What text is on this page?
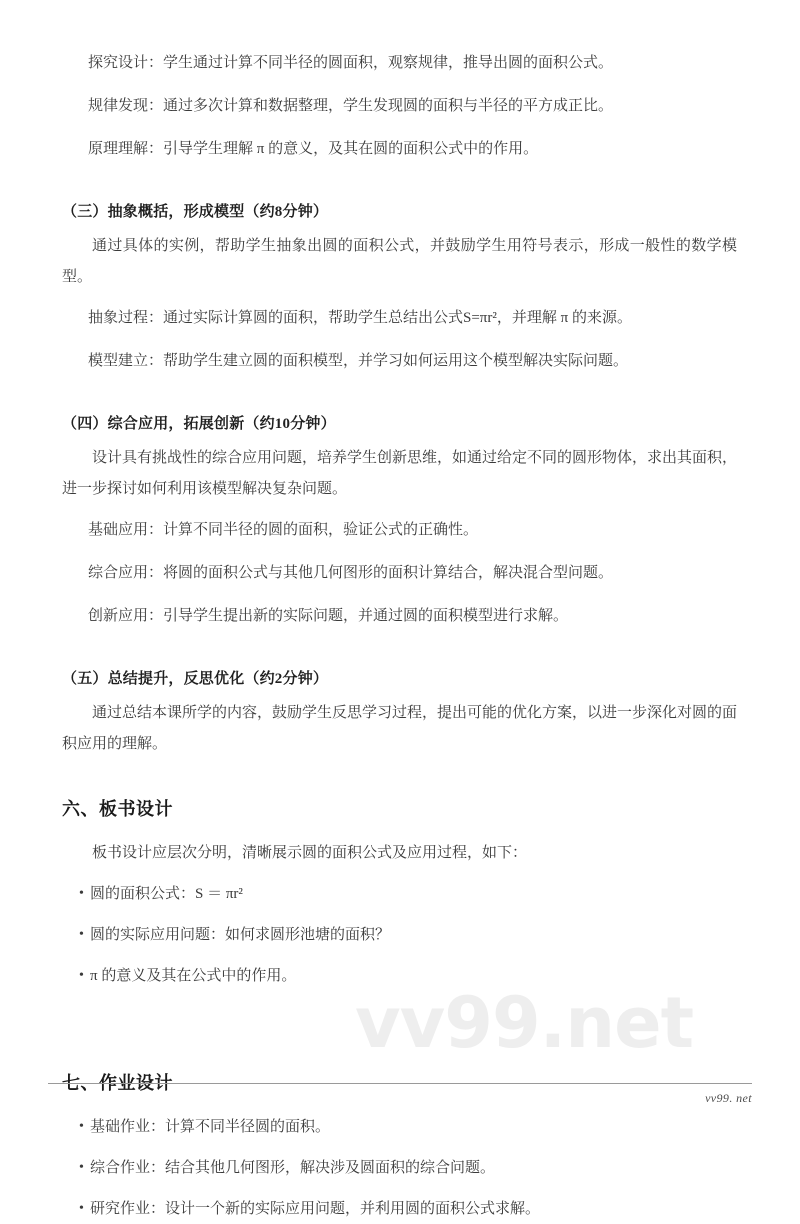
vv99.net

探究设计：学生通过计算不同半径的圆面积，观察规律，推导出圆的面积公式。

规律发现：通过多次计算和数据整理，学生发现圆的面积与半径的平方成正比。

原理理解：引导学生理解 π 的意义，及其在圆的面积公式中的作用。

（三）抽象概括，形成模型（约8分钟）

通过具体的实例，帮助学生抽象出圆的面积公式，并鼓励学生用符号表示，形成一般性的数学模型。

抽象过程：通过实际计算圆的面积，帮助学生总结出公式S=πr²，并理解 π 的来源。

模型建立：帮助学生建立圆的面积模型，并学习如何运用这个模型解决实际问题。

（四）综合应用，拓展创新（约10分钟）

设计具有挑战性的综合应用问题，培养学生创新思维，如通过给定不同的圆形物体，求出其面积，进一步探讨如何利用该模型解决复杂问题。

基础应用：计算不同半径的圆的面积，验证公式的正确性。

综合应用：将圆的面积公式与其他几何图形的面积计算结合，解决混合型问题。

创新应用：引导学生提出新的实际问题，并通过圆的面积模型进行求解。

（五）总结提升，反思优化（约2分钟）

通过总结本课所学的内容，鼓励学生反思学习过程，提出可能的优化方案，以进一步深化对圆的面积应用的理解。

六、板书设计

板书设计应层次分明，清晰展示圆的面积公式及应用过程，如下：

• 圆的面积公式：S ＝ πr²
• 圆的实际应用问题：如何求圆形池塘的面积？
• π 的意义及其在公式中的作用。
七、作业设计
• 基础作业：计算不同半径圆的面积。
• 综合作业：结合其他几何图形，解决涉及圆面积的综合问题。
• 研究作业：设计一个新的实际应用问题，并利用圆的面积公式求解。
vv99. net
